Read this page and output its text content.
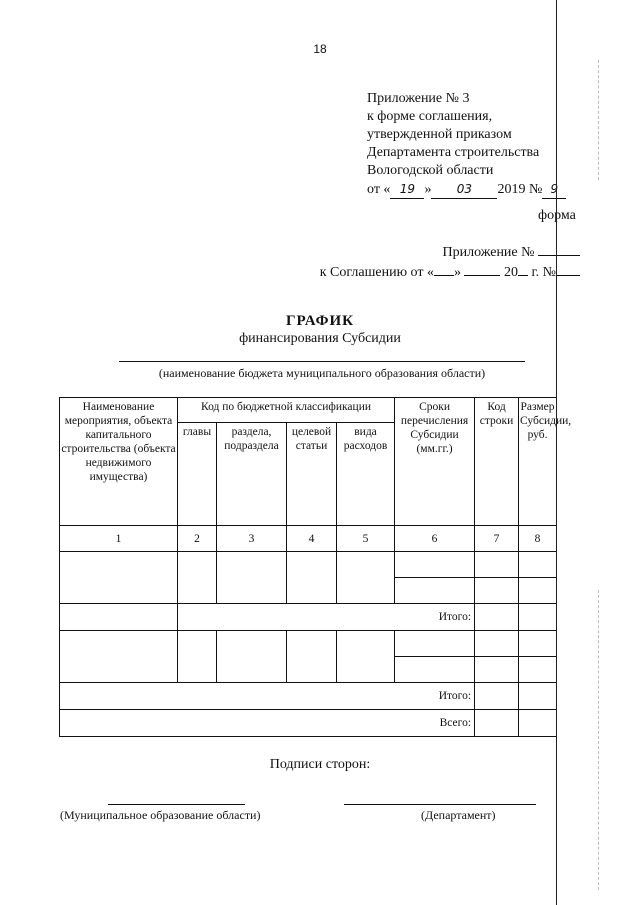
18
Приложение № 3
к форме соглашения,
утвержденной приказом
Департамента строительства
Вологодской области
от « 19 » 03 2019 № 9
форма
Приложение №
к Соглашению от « »	20 г. №
ГРАФИК
финансирования Субсидии
(наименование бюджета муниципального образования области)
Наименование мероприятия, объекта капитального строительства (объекта недвижимого имущества)	Код по бюджетной классификации				Сроки перечисления Субсидии (мм.гг.)	Код строки	Размер Субсидии, руб.
	главы	раздела, подраздела	целевой статьи	вида расходов			
1	2	3	4	5	6	7	8

	Итого:						

Итого:							
Всего:							
Подписи сторон:
(Муниципальное образование области)	(Департамент)
